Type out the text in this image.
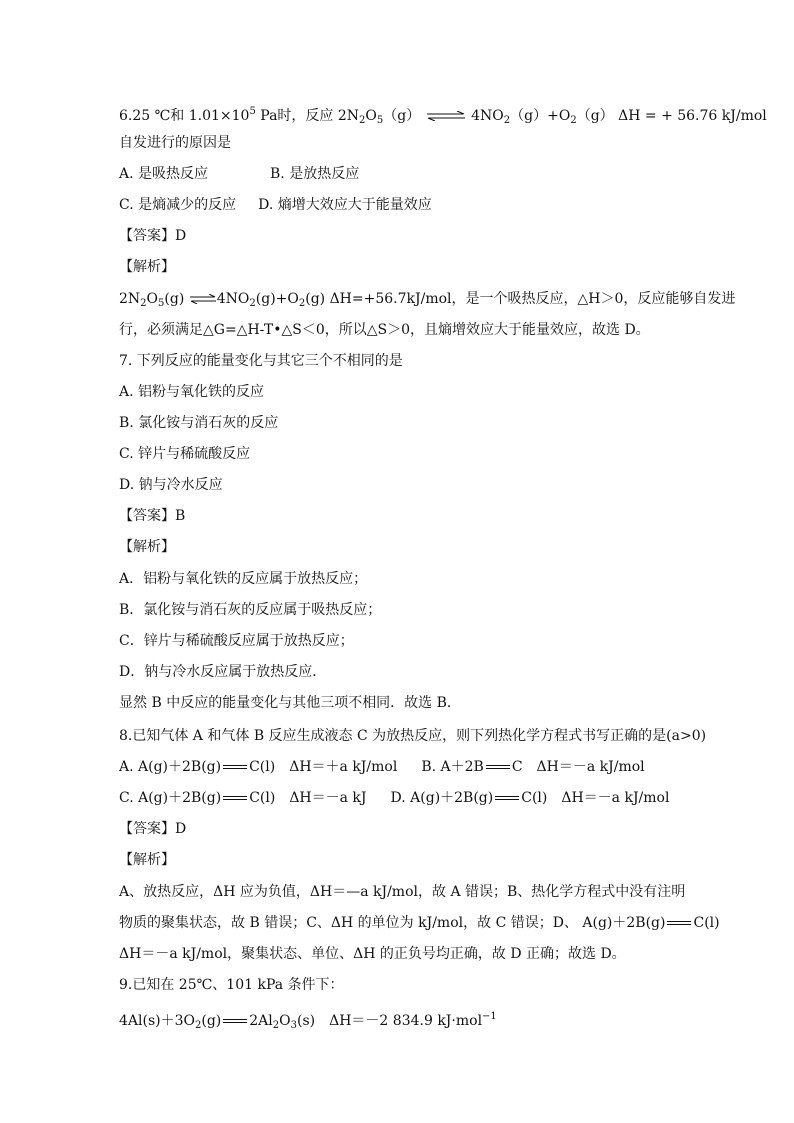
6.25 ℃和 $1.01\times 10^5$ Pa时，反应 $2N_2O_5(g)$ ⇌ $4NO_2(g)+O_2(g) \Delta H$ = + 56.76 kJ/mol
自发进行的原因是
A. 是吸热反应	B. 是放热反应
C. 是熵减少的反应 D. 熵增大效应大于能量效应
【答案】D
【解析】
$2N_2O_5(g)$ $\rightleftharpoons 4NO_2(g)+O_2(g)$ ΔH=+56.7kJ/mol，是一个吸热反应，△H＞0，反应能够自发进
行，必须满足△G=△H-T•△S＜0，所以△S＞0，且熵增效应大于能量效应，故选 D。
7. 下列反应的能量变化与其它三个不相同的是
A. 铝粉与氧化铁的反应
B. 氯化铵与消石灰的反应
C. 锌片与稀硫酸反应
D. 钠与冷水反应
【答案】B
【解析】
A．铝粉与氧化铁的反应属于放热反应；
B．氯化铵与消石灰的反应属于吸热反应；
C．锌片与稀硫酸反应属于放热反应；
D．钠与冷水反应属于放热反应．
显然 B 中反应的能量变化与其他三项不相同．故选 B．
8.已知气体 A 和气体 B 反应生成液态 C 为放热反应，则下列热化学方程式书写正确的是(a>0)
A. A(g)＋2B(g) C(l)　ΔH＝＋a kJ/mol B. A＋2B C　ΔH＝－a kJ/mol
C. A(g)＋2B(g) C(l)　ΔH＝－a kJ D. A(g)＋2B(g) C(l)　ΔH＝－a kJ/mol
【答案】D
【解析】
A、放热反应，ΔH 应为负值，ΔH＝—a kJ/mol，故 A 错误；B、热化学方程式中没有注明
物质的聚集状态，故 B 错误；C、ΔH 的单位为 kJ/mol，故 C 错误；D、 A(g)＋2B(g) C(l)
ΔH＝－a kJ/mol，聚集状态、单位、ΔH 的正负号均正确，故 D 正确；故选 D。
9.已知在 25℃、101 kPa 条件下：
$4Al(s)+3O_2(g)$ $2Al_2O_3(s)$　ΔH＝－2 834.9 kJ·mol$^{-1}$
